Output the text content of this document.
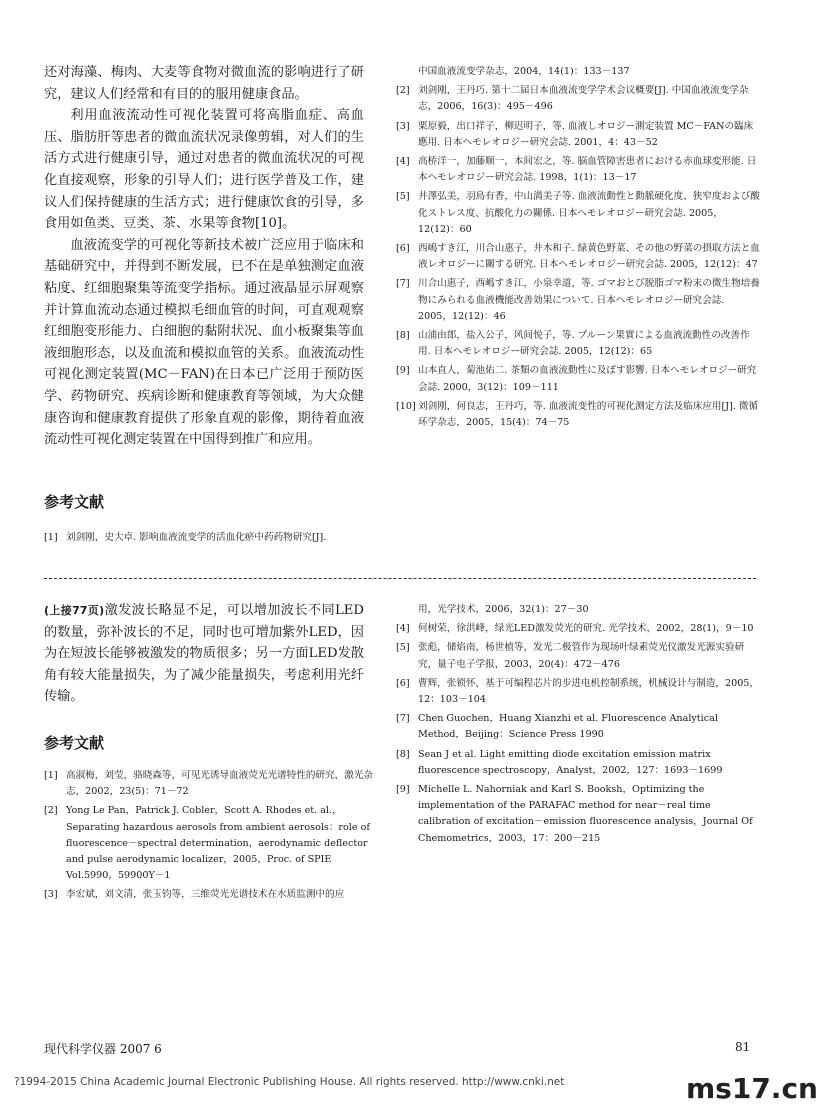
还对海藻、梅肉、大麦等食物对微血流的影响进行了研究，建议人们经常和有目的的服用健康食品。

利用血液流动性可视化装置可将高脂血症、高血压、脂肪肝等患者的微血流状况录像剪辑，对人们的生活方式进行健康引导，通过对患者的微血流状况的可视化直接观察，形象的引导人们；进行医学普及工作，建议人们保持健康的生活方式；进行健康饮食的引导，多食用如鱼类、豆类、茶、水果等食物[10]。

血液流变学的可视化等新技术被广泛应用于临床和基础研究中，并得到不断发展，已不在是单独测定血液粘度、红细胞聚集等流变学指标。通过液晶显示屏观察并计算血流动态通过模拟毛细血管的时间，可直观观察红细胞变形能力、白细胞的黏附状况、血小板聚集等血液细胞形态，以及血流和模拟血管的关系。血液流动性可视化测定装置(MC－FAN)在日本已广泛用于预防医学、药物研究、疾病诊断和健康教育等领域，为大众健康咨询和健康教育提供了形象直观的影像，期待着血液流动性可视化测定装置在中国得到推广和应用。

参考文献
[1] 刘剑刚，史大卓. 影响血液流变学的活血化瘀中药药物研究[J].
中国血液流变学杂志，2004，14(1)：133－137
[2] 刘剑刚，王丹巧. 第十二届日本血液流变学学术会议概要[J]. 中国血液流变学杂志，2006，16(3)：495－496
[3] 栗原毅，出口祥子，柳迟明子，等. 血液しオロジー測定装置 MC－FANの臨床應用. 日本ヘモレオロジー研究会誌. 2001，4：43－52
[4] 高桥洋一，加藤顺一，本间宏之，等. 脳血管障害患者における赤血球変形能. 日本ヘモレオロジー研究会誌. 1998，1(1)：13－17
[5] 井澤弘美，羽鳥有香，中山満美子等. 血液流動性と動脈硬化度、狭窄度および酸化ストレス度、抗酸化力の關係. 日本ヘモレオロジー研究会誌. 2005，12(12)：60
[6] 西嶋すき江，川合山惠子，井木和子. 緑黄色野菜、その他の野菜の摂取方法と血液レオロジーに關する研究. 日本ヘモレオロジー研究会誌. 2005，12(12)：47
[7] 川合山惠子，西嶋すき江，小泉幸道，等. ゴマおとび脱脂ゴマ粉末の微生物培養物にみられる血液機能改善効果について. 日本ヘモレオロジー研究会誌. 2005，12(12)：46
[8] 山浦由郎，盐入公子，风间悦子，等. プルーン果實による血液流動性の改善作用. 日本ヘモレオロジー研究会誌. 2005，12(12)：65
[9] 山本直人，菊池佑二. 茶類の血液流動性に及ぼす影響. 日本ヘモレオロジー研究会誌. 2000，3(12)：109－111
[10] 刘剑刚，何良志，王丹巧，等. 血液流变性的可视化测定方法及临床应用[J]. 微循环学杂志，2005，15(4)：74－75

(上接77页)激发波长略显不足，可以增加波长不同LED的数量，弥补波长的不足，同时也可增加紫外LED，因为在短波长能够被激发的物质很多；另一方面LED发散角有较大能量损失，为了减少能量损失，考虑利用光纤传输。

参考文献
[1] 高淑梅，刘莹，骆晓森等，可见光诱导血液荧光光谱特性的研究，激光杂志，2002，23(5)：71－72
[2] Yong Le Pan，Patrick J. Cobler，Scott A. Rhodes et. al.，Separating hazardous aerosols from ambient aerosols：role of fluorescence－spectral determination，aerodynamic deflector and pulse aerodynamic localizer，2005，Proc. of SPIE Vol.5990，59900Y－1
[3] 李宏斌，刘文清，张玉钧等，三维荧光光谱技术在水质监测中的应
用，光学技术，2006，32(1)：27－30
[4] 何树荣，徐洪峰，绿光LED激发荧光的研究. 光学技术，2002，28(1)，9－10
[5] 张彪，储焰南，杨世植等，发光二极管作为现场叶绿素荧光仪激发光源实验研究，量子电子学报，2003，20(4)：472－476
[6] 曹辉，张锁怀，基于可编程芯片的步进电机控制系统，机械设计与制造，2005，12：103－104
[7] Chen Guochen，Huang Xianzhi et al. Fluorescence Analytical Method，Beijing：Science Press 1990
[8] Sean J et al. Light emitting diode excitation emission matrix fluorescence spectroscopy，Analyst，2002，127：1693－1699
[9] Michelle L. Nahorniak and Karl S. Booksh，Optimizing the implementation of the PARAFAC method for near－real time calibration of excitation－emission fluorescence analysis，Journal Of Chemometrics，2003，17：200－215
现代科学仪器 2007 6	81
?1994-2015 China Academic Journal Electronic Publishing House. All rights reserved. http://www.cnki.net	ms17.cn
